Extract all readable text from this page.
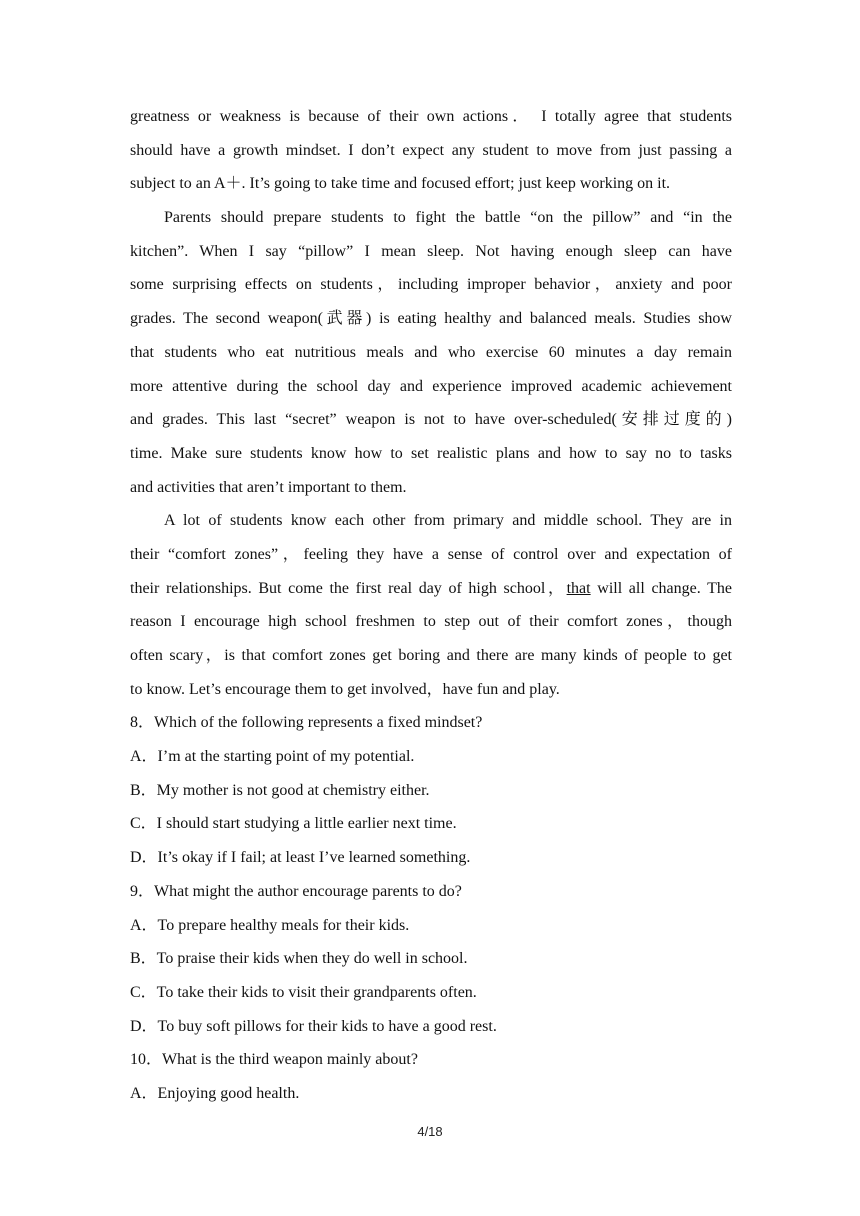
greatness or weakness is because of their own actions． I totally agree that students
should have a growth mindset. I don’t expect any student to move from just passing a
subject to an A＋. It’s going to take time and focused effort; just keep working on it.
Parents should prepare students to fight the battle “on the pillow” and “in the
kitchen”. When I say “pillow” I mean sleep. Not having enough sleep can have
some surprising effects on students，including improper behavior，anxiety and poor
grades. The second weapon(武器) is eating healthy and balanced meals. Studies show
that students who eat nutritious meals and who exercise 60 minutes a day remain
more attentive during the school day and experience improved academic achievement
and grades. This last “secret” weapon is not to have over-scheduled(安排过度的)
time. Make sure students know how to set realistic plans and how to say no to tasks
and activities that aren’t important to them.
A lot of students know each other from primary and middle school. They are in
their “comfort zones”，feeling they have a sense of control over and expectation of
their relationships. But come the first real day of high school，that will all change. The
reason I encourage high school freshmen to step out of their comfort zones，though
often scary，is that comfort zones get boring and there are many kinds of people to get
to know. Let’s encourage them to get involved，have fun and play.
8．Which of the following represents a fixed mindset?
A．I’m at the starting point of my potential.
B．My mother is not good at chemistry either.
C．I should start studying a little earlier next time.
D．It’s okay if I fail; at least I’ve learned something.
9．What might the author encourage parents to do?
A．To prepare healthy meals for their kids.
B．To praise their kids when they do well in school.
C．To take their kids to visit their grandparents often.
D．To buy soft pillows for their kids to have a good rest.
10．What is the third weapon mainly about?
A．Enjoying good health.
4/18
